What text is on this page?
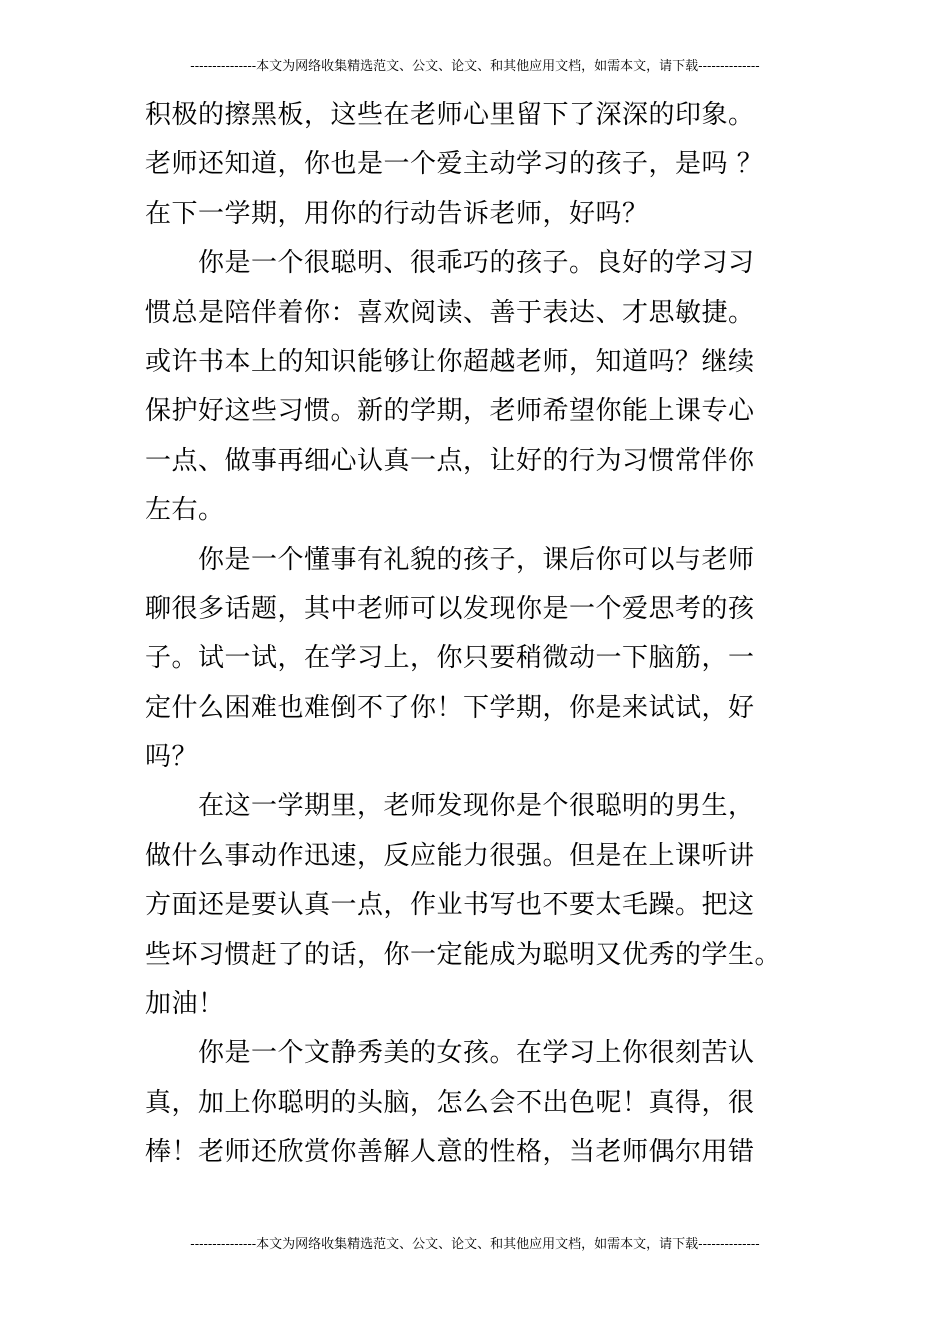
---------------本文为网络收集精选范文、公文、论文、和其他应用文档，如需本文，请下载--------------
积极的擦黑板，这些在老师心里留下了深深的印象。
老师还知道，你也是一个爱主动学习的孩子，是吗 ？
在下一学期，用你的行动告诉老师，好吗？
　　你是一个很聪明、很乖巧的孩子。良好的学习习
惯总是陪伴着你：喜欢阅读、善于表达、才思敏捷。
或许书本上的知识能够让你超越老师，知道吗？继续
保护好这些习惯。新的学期，老师希望你能上课专心
一点、做事再细心认真一点，让好的行为习惯常伴你
左右。
　　你是一个懂事有礼貌的孩子，课后你可以与老师
聊很多话题，其中老师可以发现你是一个爱思考的孩
子。试一试，在学习上，你只要稍微动一下脑筋，一
定什么困难也难倒不了你！下学期，你是来试试，好
吗？
　　在这一学期里，老师发现你是个很聪明的男生，
做什么事动作迅速，反应能力很强。但是在上课听讲
方面还是要认真一点，作业书写也不要太毛躁。把这
些坏习惯赶了的话，你一定能成为聪明又优秀的学生。
加油！
　　你是一个文静秀美的女孩。在学习上你很刻苦认
真，加上你聪明的头脑，怎么会不出色呢！真得，很
棒！老师还欣赏你善解人意的性格，当老师偶尔用错
---------------本文为网络收集精选范文、公文、论文、和其他应用文档，如需本文，请下载--------------
